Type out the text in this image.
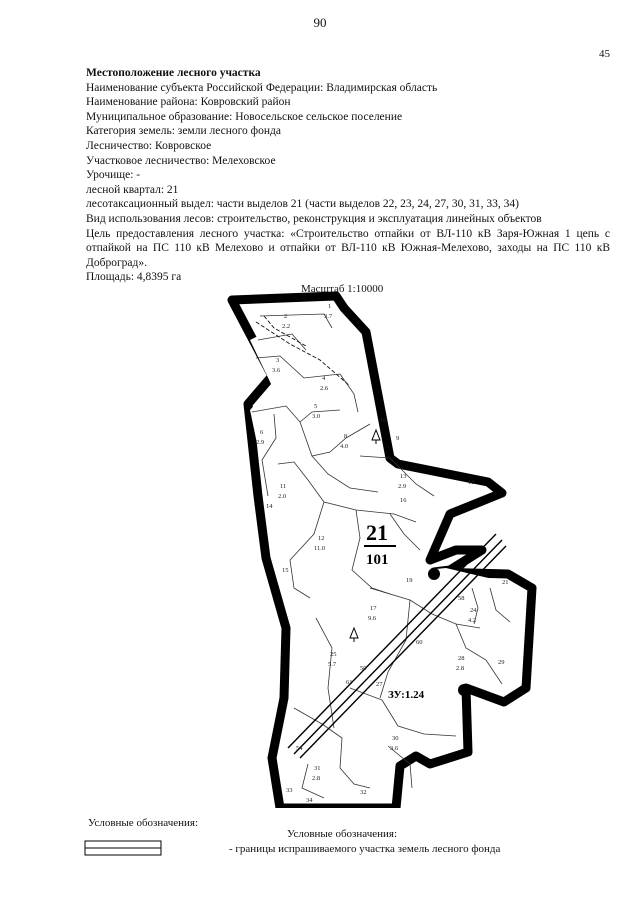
90
45
Местоположение лесного участка
Наименование субъекта Российской Федерации: Владимирская область
Наименование района: Ковровский район
Муниципальное образование: Новосельское сельское поселение
Категория земель: земли лесного фонда
Лесничество: Ковровское
Участковое лесничество: Мелеховское
Урочище: -
лесной квартал: 21
лесотаксационный выдел: части выделов 21 (части выделов 22, 23, 24, 27, 30, 31, 33, 34)
Вид использования лесов: строительство, реконструкция и эксплуатация линейных объектов
Цель предоставления лесного участка: «Строительство отпайки от ВЛ-110 кВ Заря-Южная 1 цепь с отпайкой на ПС 110 кВ Мелехово и отпайки от ВЛ-110 кВ Южная-Мелехово, заходы на ПС 110 кВ Доброград».
Площадь: 4,8395 га
Масштаб 1:10000
1
3.7
2
2.2
3
3.6
4
2.6
5
3.0
6
2.9
8
4.0
9
10
11
2.0
12
11.0
13
2.9
14
15
16
17
9.6
18
19	21
24
4.2
25
5.7
27
28
2.8
29
30
3.6
31
2.8
32
33
34
54
58
60
61
50
21
101
ЗУ:1.24
Условные обозначения:
Условные обозначения:
- границы испрашиваемого участка земель лесного фонда
